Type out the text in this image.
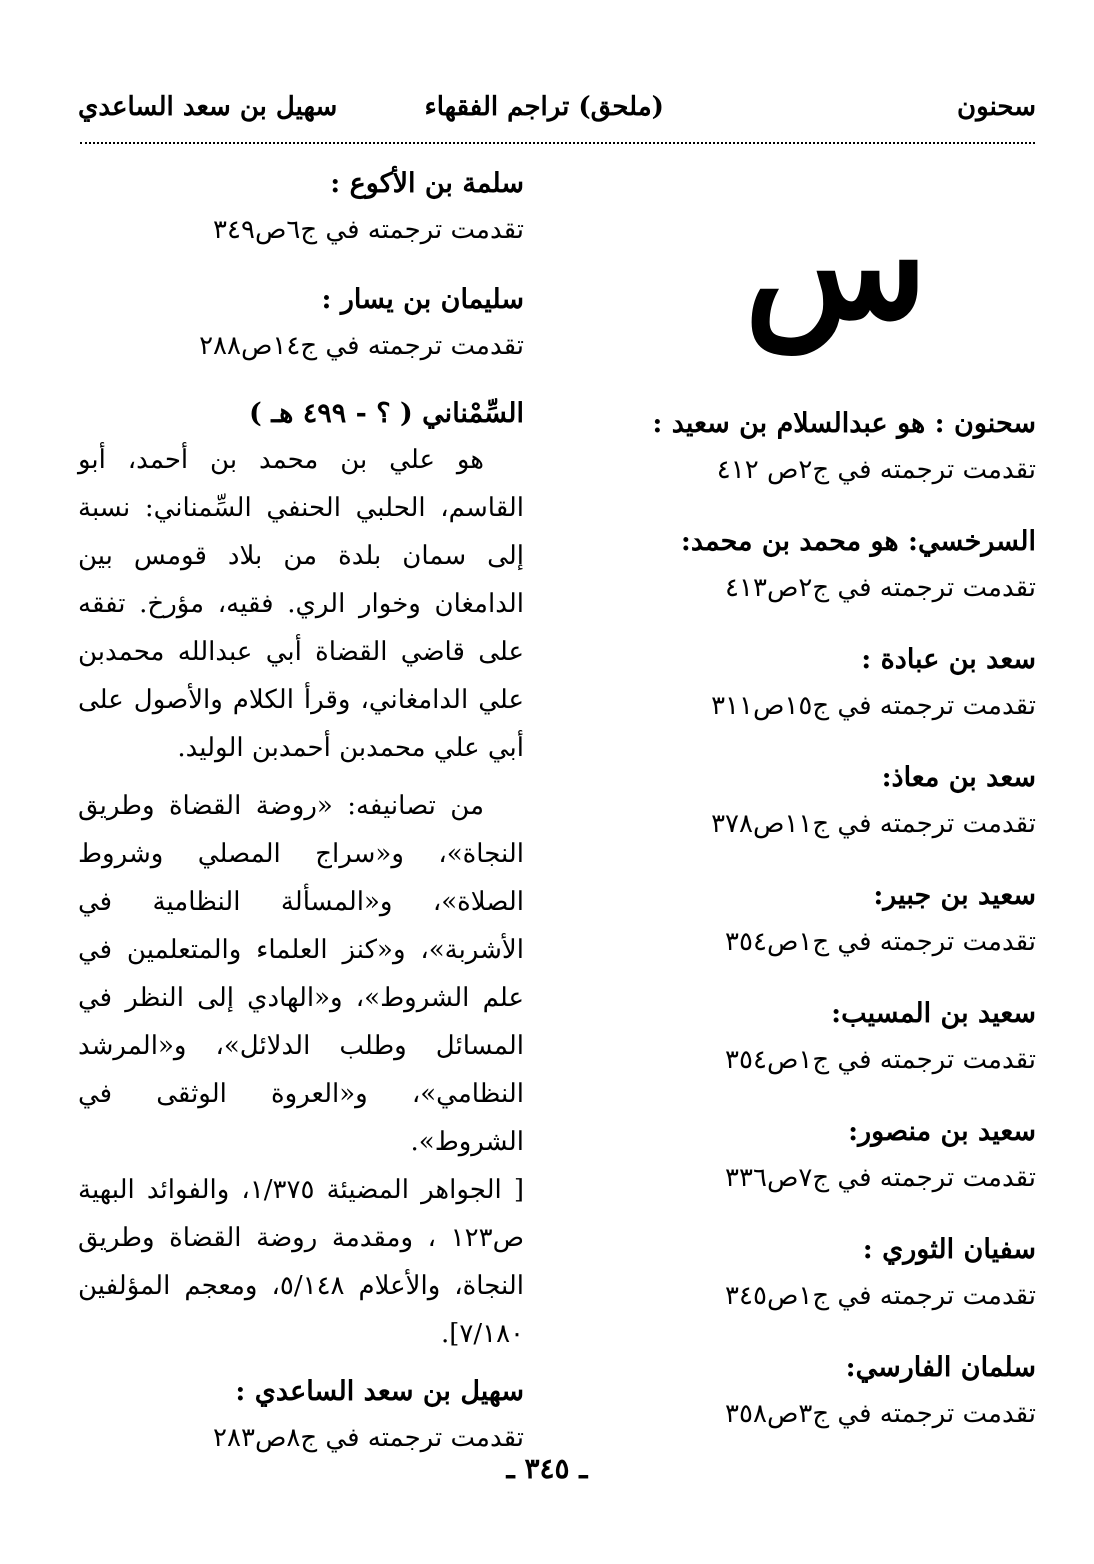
سحنون
(ملحق) تراجم الفقهاء
سهيل بن سعد الساعدي
س
سحنون : هو عبدالسلام بن سعيد :
تقدمت ترجمته في ج٢ص ٤١٢
السرخسي: هو محمد بن محمد:
تقدمت ترجمته في ج٢ص٤١٣
سعد بن عبادة :
تقدمت ترجمته في ج١٥ص٣١١
سعد بن معاذ:
تقدمت ترجمته في ج١١ص٣٧٨
سعيد بن جبير:
تقدمت ترجمته في ج١ص٣٥٤
سعيد بن المسيب:
تقدمت ترجمته في ج١ص٣٥٤
سعيد بن منصور:
تقدمت ترجمته في ج٧ص٣٣٦
سفيان الثوري :
تقدمت ترجمته في ج١ص٣٤٥
سلمان الفارسي:
تقدمت ترجمته في ج٣ص٣٥٨
سلمة بن الأكوع :
تقدمت ترجمته في ج٦ص٣٤٩
سليمان بن يسار :
تقدمت ترجمته في ج١٤ص٢٨٨
السِّمْناني ( ؟ - ٤٩٩ هـ )

هو علي بن محمد بن أحمد، أبو القاسم، الحلبي الحنفي السِّمناني: نسبة إلى سمان بلدة من بلاد قومس بين الدامغان وخوار الري. فقيه، مؤرخ. تفقه على قاضي القضاة أبي عبدالله محمدبن علي الدامغاني، وقرأ الكلام والأصول على أبي علي محمدبن أحمدبن الوليد.

من تصانيفه: «روضة القضاة وطريق النجاة»، و«سراج المصلي وشروط الصلاة»، و«المسألة النظامية في الأشربة»، و«كنز العلماء والمتعلمين في علم الشروط»، و«الهادي إلى النظر في المسائل وطلب الدلائل»، و«المرشد النظامي»، و«العروة الوثقى في الشروط».

[ الجواهر المضيئة ١/٣٧٥، والفوائد البهية ص١٢٣ ، ومقدمة روضة القضاة وطريق النجاة، والأعلام ٥/١٤٨، ومعجم المؤلفين ٧/١٨٠].

سهيل بن سعد الساعدي :
تقدمت ترجمته في ج٨ص٢٨٣
ـ ٣٤٥ ـ
